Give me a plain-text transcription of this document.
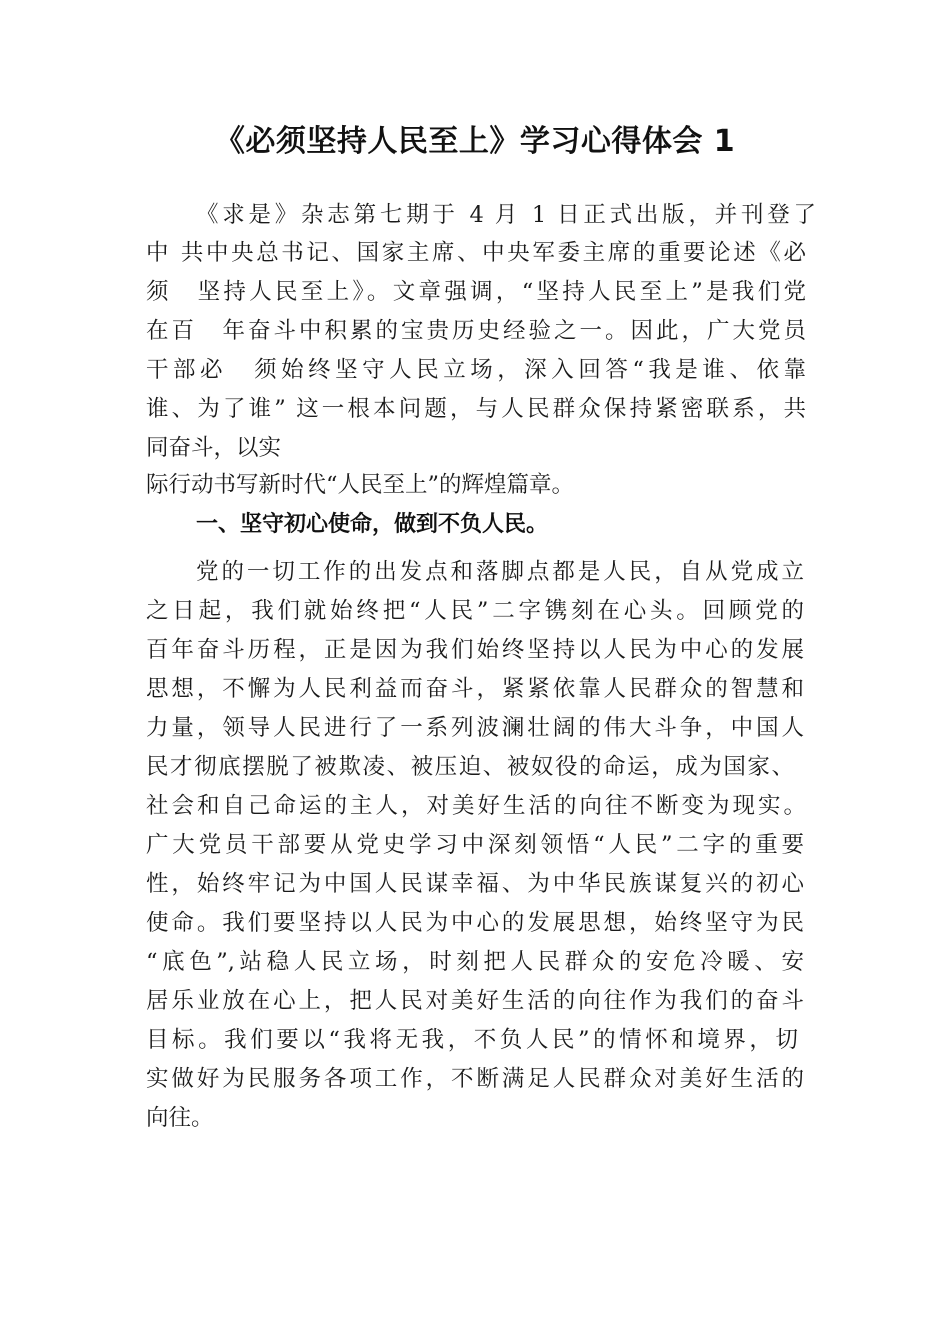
《必须坚持人民至上》学习心得体会 1
《求是》杂志第七期于 4 月 1 日正式出版，并刊登了
中 共中央总书记、国家主席、中央军委主席的重要论述《必
须　坚持人民至上》。文章强调，“坚持人民至上”是我们党
在百　年奋斗中积累的宝贵历史经验之一。因此，广大党员
干部必　须始终坚守人民立场，深入回答“我是谁、依靠
谁、为了谁” 这一根本问题，与人民群众保持紧密联系，共
同奋斗，以实
际行动书写新时代“人民至上”的辉煌篇章。
一、坚守初心使命，做到不负人民。
党的一切工作的出发点和落脚点都是人民，自从党成立
之日起，我们就始终把“人民”二字镌刻在心头。回顾党的
百年奋斗历程，正是因为我们始终坚持以人民为中心的发展
思想，不懈为人民利益而奋斗，紧紧依靠人民群众的智慧和
力量，领导人民进行了一系列波澜壮阔的伟大斗争，中国人
民才彻底摆脱了被欺凌、被压迫、被奴役的命运，成为国家、
社会和自己命运的主人，对美好生活的向往不断变为现实。
广大党员干部要从党史学习中深刻领悟“人民”二字的重要
性，始终牢记为中国人民谋幸福、为中华民族谋复兴的初心
使命。我们要坚持以人民为中心的发展思想，始终坚守为民
“底色”,站稳人民立场，时刻把人民群众的安危冷暖、安
居乐业放在心上，把人民对美好生活的向往作为我们的奋斗
目标。我们要以“我将无我，不负人民”的情怀和境界，切
实做好为民服务各项工作，不断满足人民群众对美好生活的
向往。
